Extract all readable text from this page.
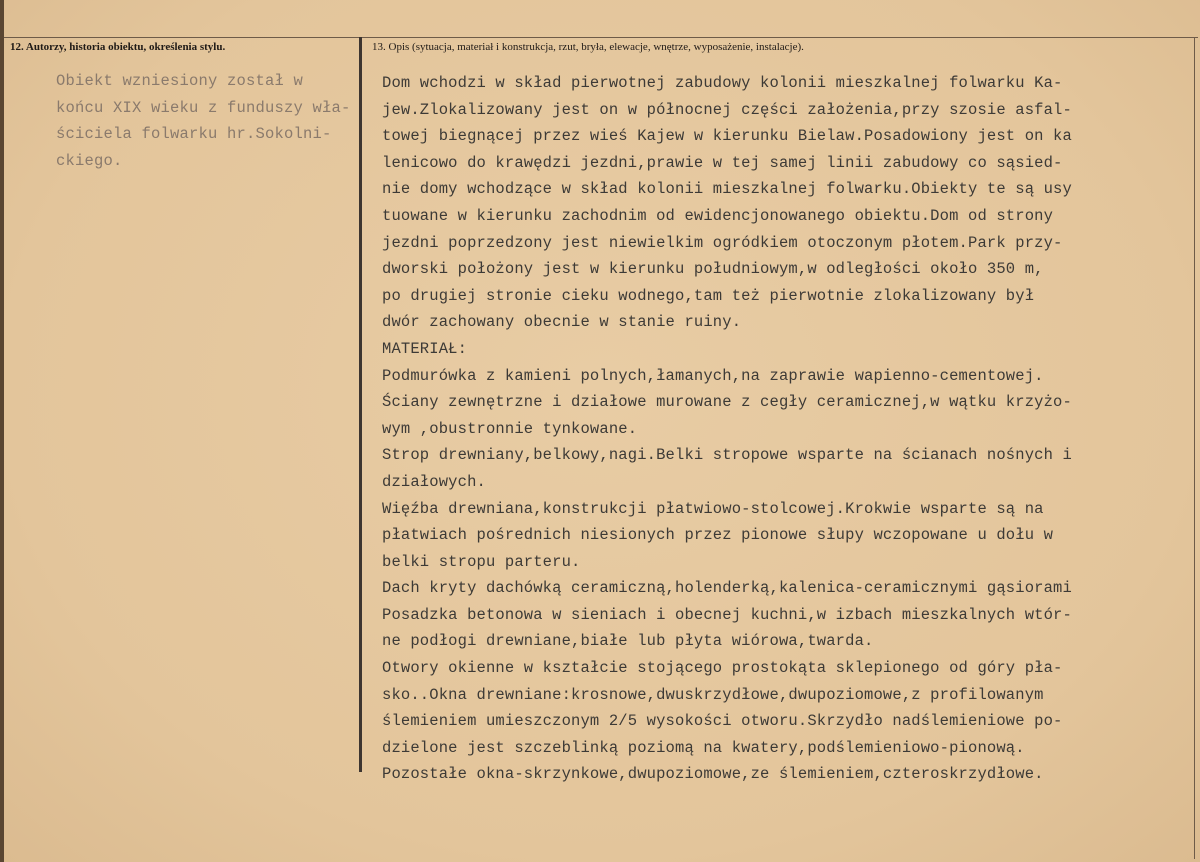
12. Autorzy, historia obiektu, określenia stylu.	13. Opis (sytuacja, materiał i konstrukcja, rzut, bryła, elewacje, wnętrze, wyposażenie, instalacje).
Obiekt wzniesiony został w
końcu XIX wieku z funduszy wła-
ściciela folwarku hr.Sokolni-
ckiego.
Dom wchodzi w skład pierwotnej zabudowy kolonii mieszkalnej folwarku Ka-
jew.Zlokalizowany jest on w północnej części założenia,przy szosie asfal-
towej biegnącej przez wieś Kajew w kierunku Bielaw.Posadowiony jest on ka
lenicowo do krawędzi jezdni,prawie w tej samej linii zabudowy co sąsied-
nie domy wchodzące w skład kolonii mieszkalnej folwarku.Obiekty te są usy
tuowane w kierunku zachodnim od ewidencjonowanego obiektu.Dom od strony
jezdni poprzedzony jest niewielkim ogródkiem otoczonym płotem.Park przy-
dworski położony jest w kierunku południowym,w odległości około 350 m,
po drugiej stronie cieku wodnego,tam też pierwotnie zlokalizowany był
dwór zachowany obecnie w stanie ruiny.
MATERIAŁ:
Podmurówka z kamieni polnych,łamanych,na zaprawie wapienno-cementowej.
Ściany zewnętrzne i działowe murowane z cegły ceramicznej,w wątku krzyżo-
wym ,obustronnie tynkowane.
Strop drewniany,belkowy,nagi.Belki stropowe wsparte na ścianach nośnych i
działowych.
Więźba drewniana,konstrukcji płatwiowo-stolcowej.Krokwie wsparte są na
płatwiach pośrednich niesionych przez pionowe słupy wczopowane u dołu w
belki stropu parteru.
Dach kryty dachówką ceramiczną,holenderką,kalenica-ceramicznymi gąsiorami
Posadzka betonowa w sieniach i obecnej kuchni,w izbach mieszkalnych wtór-
ne podłogi drewniane,białe lub płyta wiórowa,twarda.
Otwory okienne w kształcie stojącego prostokąta sklepionego od góry pła-
sko..Okna drewniane:krosnowe,dwuskrzydłowe,dwupoziomowe,z profilowanym
ślemieniem umieszczonym 2/5 wysokości otworu.Skrzydło nadślemieniowe po-
dzielone jest szczeblinką poziomą na kwatery,podślemieniowo-pionową.
Pozostałe okna-skrzynkowe,dwupoziomowe,ze ślemieniem,czteroskrzydłowe.
